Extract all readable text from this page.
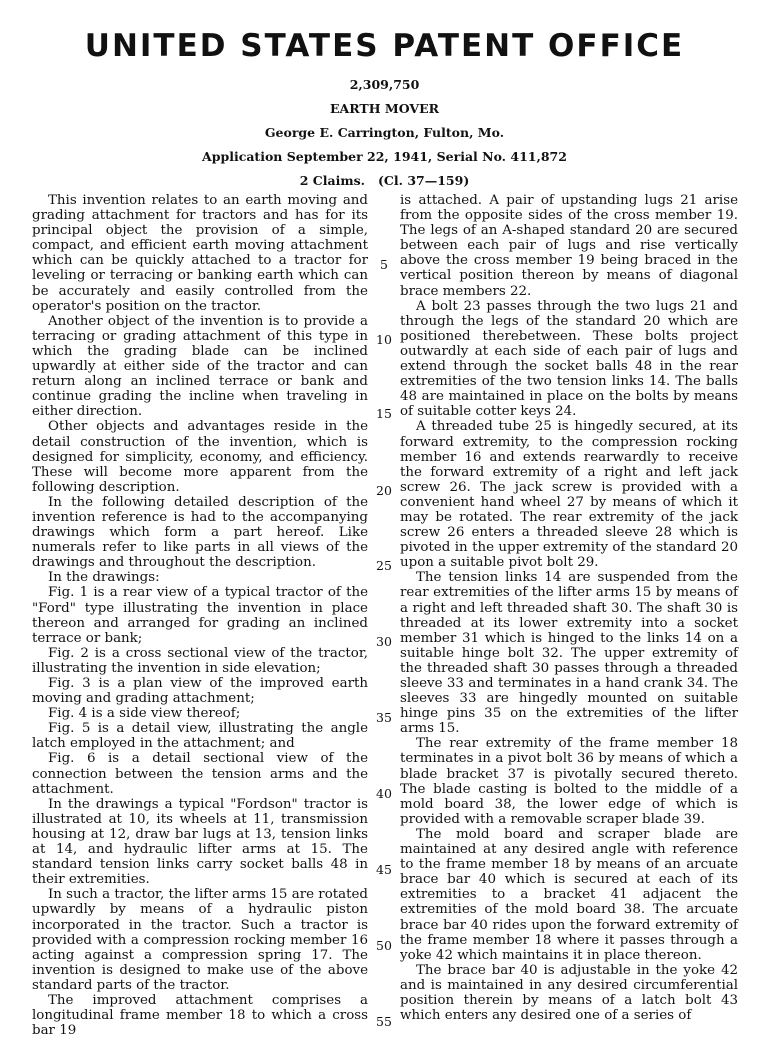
UNITED STATES PATENT OFFICE
2,309,750
EARTH MOVER
George E. Carrington, Fulton, Mo.
Application September 22, 1941, Serial No. 411,872
2 Claims.   (Cl. 37—159)

This invention relates to an earth moving and grading attachment for tractors and has for its principal object the provision of a simple, compact, and efficient earth moving attachment which can be quickly attached to a tractor for leveling or terracing or banking earth which can be accurately and easily controlled from the operator's position on the tractor.

Another object of the invention is to provide a terracing or grading attachment of this type in which the grading blade can be inclined upwardly at either side of the tractor and can return along an inclined terrace or bank and continue grading the incline when traveling in either direction.

Other objects and advantages reside in the detail construction of the invention, which is designed for simplicity, economy, and efficiency. These will become more apparent from the following description.

In the following detailed description of the invention reference is had to the accompanying drawings which form a part hereof. Like numerals refer to like parts in all views of the drawings and throughout the description.

In the drawings:

Fig. 1 is a rear view of a typical tractor of the "Ford" type illustrating the invention in place thereon and arranged for grading an inclined terrace or bank;

Fig. 2 is a cross sectional view of the tractor, illustrating the invention in side elevation;

Fig. 3 is a plan view of the improved earth moving and grading attachment;

Fig. 4 is a side view thereof;

Fig. 5 is a detail view, illustrating the angle latch employed in the attachment; and

Fig. 6 is a detail sectional view of the connection between the tension arms and the attachment.

In the drawings a typical "Fordson" tractor is illustrated at 10, its wheels at 11, transmission housing at 12, draw bar lugs at 13, tension links at 14, and hydraulic lifter arms at 15. The standard tension links carry socket balls 48 in their extremities.

In such a tractor, the lifter arms 15 are rotated upwardly by means of a hydraulic piston incorporated in the tractor. Such a tractor is provided with a compression rocking member 16 acting against a compression spring 17. The invention is designed to make use of the above standard parts of the tractor.

The improved attachment comprises a longitudinal frame member 18 to which a cross bar 19

5
10
15
20
25
30
35
40
45
50
55

is attached. A pair of upstanding lugs 21 arise from the opposite sides of the cross member 19. The legs of an A-shaped standard 20 are secured between each pair of lugs and rise vertically above the cross member 19 being braced in the vertical position thereon by means of diagonal brace members 22.

A bolt 23 passes through the two lugs 21 and through the legs of the standard 20 which are positioned therebetween. These bolts project outwardly at each side of each pair of lugs and extend through the socket balls 48 in the rear extremities of the two tension links 14. The balls 48 are maintained in place on the bolts by means of suitable cotter keys 24.

A threaded tube 25 is hingedly secured, at its forward extremity, to the compression rocking member 16 and extends rearwardly to receive the forward extremity of a right and left jack screw 26. The jack screw is provided with a convenient hand wheel 27 by means of which it may be rotated. The rear extremity of the jack screw 26 enters a threaded sleeve 28 which is pivoted in the upper extremity of the standard 20 upon a suitable pivot bolt 29.

The tension links 14 are suspended from the rear extremities of the lifter arms 15 by means of a right and left threaded shaft 30. The shaft 30 is threaded at its lower extremity into a socket member 31 which is hinged to the links 14 on a suitable hinge bolt 32. The upper extremity of the threaded shaft 30 passes through a threaded sleeve 33 and terminates in a hand crank 34. The sleeves 33 are hingedly mounted on suitable hinge pins 35 on the extremities of the lifter arms 15.

The rear extremity of the frame member 18 terminates in a pivot bolt 36 by means of which a blade bracket 37 is pivotally secured thereto. The blade casting is bolted to the middle of a mold board 38, the lower edge of which is provided with a removable scraper blade 39.

The mold board and scraper blade are maintained at any desired angle with reference to the frame member 18 by means of an arcuate brace bar 40 which is secured at each of its extremities to a bracket 41 adjacent the extremities of the mold board 38. The arcuate brace bar 40 rides upon the forward extremity of the frame member 18 where it passes through a yoke 42 which maintains it in place thereon.

The brace bar 40 is adjustable in the yoke 42 and is maintained in any desired circumferential position therein by means of a latch bolt 43 which enters any desired one of a series of
